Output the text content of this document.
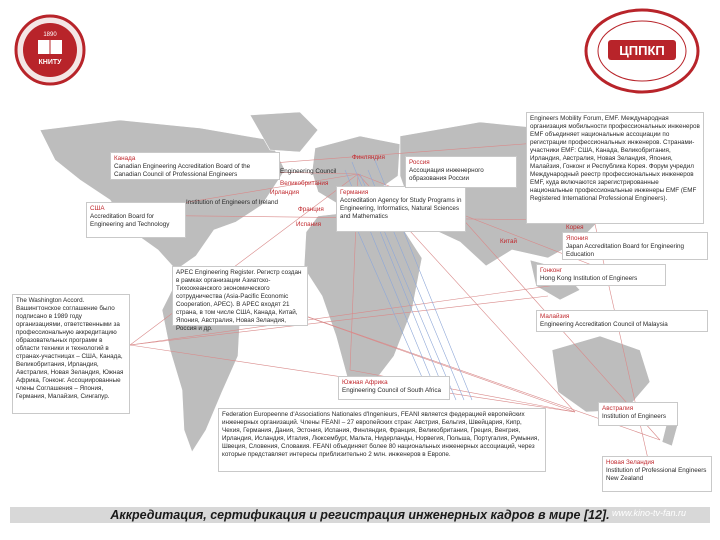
1890
КНИТУ
ЦППКП
Канада
Canadian Engineering Accreditation Board of the Canadian Council of Professional Engineers
США
Accreditation Board for Engineering and Technology
Engineering Council
Великобритания
Ирландия
Institution of Engineers of Ireland
Франция
Испания
Финляндия
Германия
Accreditation Agency for Study Programs in Engineering, Informatics, Natural Sciences and Mathematics
Россия
Ассоциация инженерного образования России
Engineers Mobility Forum, EMF. Международная организация мобильности профессиональных инженеров EMF объединяет национальные ассоциации по регистрации профессиональных инженеров. Странами-участники EMF: США, Канада, Великобритания, Ирландия, Австралия, Новая Зеландия, Япония, Малайзия, Гонконг и Республика Корея. Форум учредил Международный реестр профессиональных инженеров EMF, куда включаются зарегистрированные национальные профессиональные инженеры EMF (EMF Registered International Professional Engineers).
Корея
Япония
Japan Accreditation Board for Engineering Education
Китай
Гонконг
Hong Kong Institution of Engineers
Малайзия
Engineering Accreditation Council of Malaysia
APEC Engineering Register. Регистр создан в рамках организации Азиатско-Тихоокеанского экономического сотрудничества (Asia-Pacific Economic Cooperation, APEC). В АРЕС входят 21 страна, в том числе США, Канада, Китай, Япония, Австралия, Новая Зеландия, Россия и др.
The Washington Accord. Вашингтонское соглашение было подписано в 1989 году организациями, ответственными за профессиональную аккредитацию образовательных программ в области техники и технологий в странах-участницах – США, Канада, Великобритания, Ирландия, Австралия, Новая Зеландия, Южная Африка, Гонконг. Ассоциированные члены Соглашения – Япония, Германия, Малайзия, Сингапур.
Южная Африка
Engineering Council of South Africa
Federation Europeenne d'Associations Nationales d'Ingenieurs, FEANI является федерацией европейских инженерных организаций. Члены FEANI – 27 европейских стран: Австрия, Бельгия, Швейцария, Кипр, Чехия, Германия, Дания, Эстония, Испания, Финляндия, Франция, Великобритания, Греция, Венгрия, Ирландия, Исландия, Италия, Люксембург, Мальта, Нидерланды, Норвегия, Польша, Португалия, Румыния, Швеция, Словения, Словакия. FEANI объединяет более 80 национальных инженерных ассоциаций, через которые представляет интересы приблизительно 2 млн. инженеров в Европе.
Австралия
Institution of Engineers
Новая Зеландия
Institution of Professional Engineers New Zealand
Аккредитация, сертификация и регистрация инженерных кадров в мире [12]. www.kino-tv-fan.ru
